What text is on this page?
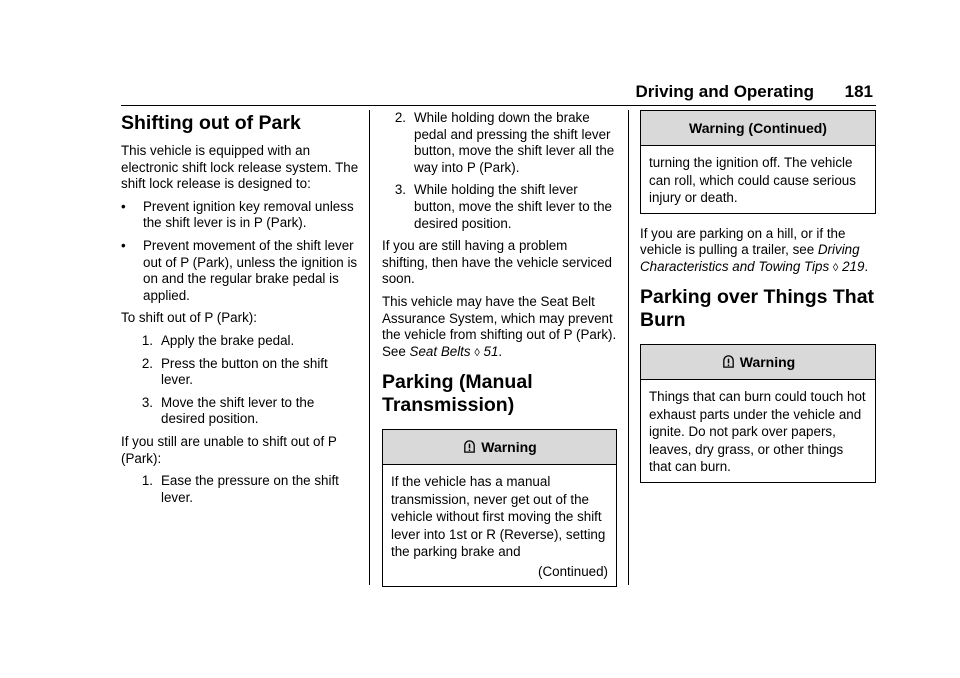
Driving and Operating 181
Shifting out of Park

This vehicle is equipped with an electronic shift lock release system. The shift lock release is designed to:

•	Prevent ignition key removal unless the shift lever is in P (Park).
•	Prevent movement of the shift lever out of P (Park), unless the ignition is on and the regular brake pedal is applied.

To shift out of P (Park):

1. Apply the brake pedal.
2. Press the button on the shift lever.
3. Move the shift lever to the desired position.

If you still are unable to shift out of P (Park):

1. Ease the pressure on the shift lever.
2. While holding down the brake pedal and pressing the shift lever button, move the shift lever all the way into P (Park).
3. While holding the shift lever button, move the shift lever to the desired position.

If you are still having a problem shifting, then have the vehicle serviced soon.

This vehicle may have the Seat Belt Assurance System, which may prevent the vehicle from shifting out of P (Park). See Seat Belts ◊ 51.

Parking (Manual Transmission)
Warning
If the vehicle has a manual transmission, never get out of the vehicle without first moving the shift lever into 1st or R (Reverse), setting the parking brake and
(Continued)
Warning (Continued)
turning the ignition off. The vehicle can roll, which could cause serious injury or death.

If you are parking on a hill, or if the vehicle is pulling a trailer, see Driving Characteristics and Towing Tips ◊ 219.

Parking over Things That Burn
Warning
Things that can burn could touch hot exhaust parts under the vehicle and ignite. Do not park over papers, leaves, dry grass, or other things that can burn.
